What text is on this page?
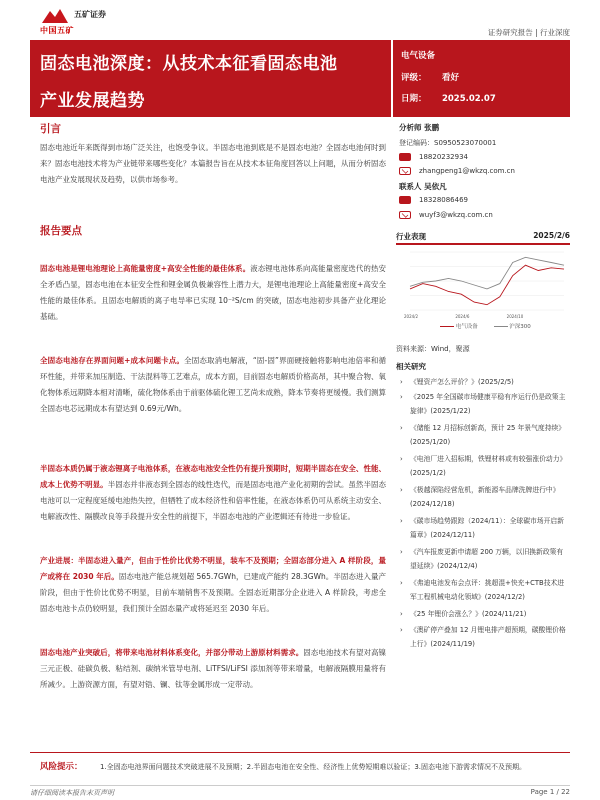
中国五矿
五矿证券
证券研究报告 | 行业深度
固态电池深度：从技术本征看固态电池
产业发展趋势
电气设备
评级： 看好
日期： 2025.02.07
引言
固态电池近年来既得到市场广泛关注，也饱受争议。半固态电池到底是不是固态电池？全固态电池何时到来？固态电池技术将为产业链带来哪些变化？本篇报告旨在从技术本征角度回答以上问题，从而分析固态电池产业发展现状及趋势，以供市场参考。
报告要点
固态电池是锂电池理论上高能量密度+高安全性能的最佳体系。液态锂电池体系向高能量密度迭代的热安全矛盾凸显，固态电池在本征安全性和锂金属负极兼容性上潜力大，是锂电池理论上高能量密度+高安全性能的最佳体系。且固态电解质的离子电导率已实现 10⁻²S/cm 的突破，固态电池初步具备产业化理论基础。
全固态电池存在界面问题+成本问题卡点。全固态取消电解液，“固-固”界面硬接触将影响电池倍率和循环性能，并带来加压制造、干法混料等工艺难点，成本方面，目前固态电解质价格高昂，其中聚合物、氧化物体系远期降本相对清晰，硫化物体系由于前驱体硫化锂工艺尚未成熟，降本节奏将更缓慢。我们测算全固态电芯远期成本有望达到 0.69元/Wh。
半固态本质仍属于液态锂离子电池体系，在液态电池安全性仍有提升预期时，短期半固态在安全、性能、成本上优势不明显。半固态并非液态到全固态的线性迭代，而是固态电池产业化初期的尝试。虽然半固态电池可以一定程度延缓电池热失控，但牺牲了成本经济性和倍率性能，在液态体系仍可从系统主动安全、电解液改性、隔膜改良等手段提升安全性的前提下，半固态电池的产业逻辑还有待进一步验证。
产业进展：半固态进入量产，但由于性价比优势不明显，装车不及预期；全固态部分进入 A 样阶段，量产或将在 2030 年后。固态电池产能总规划超 565.7GWh，已建成产能约 28.3GWh。半固态进入量产阶段，但由于性价比优势不明显，目前车端销售不及预期。全固态近期部分企业进入 A 样阶段，考虑全固态电池卡点仍较明显，我们预计全固态量产或将延迟至 2030 年后。
固态电池产业突破后，将带来电池材料体系变化，并部分带动上游原材料需求。固态电池技术有望对高镍三元正极、硅碳负极、粘结剂、碳纳米管导电剂、LiTFSI/LiFSI 添加剂等带来增量，电解液隔膜用量将有所减少。上游资源方面，有望对锆、镧、钛等金属形成一定带动。
分析师 张鹏
登记编码：S0950523070001
18820232934
zhangpeng1@wkzq.com.cn
联系人 吴依凡
18328086469
wuyf3@wkzq.com.cn
行业表现	2025/2/6
2024/2	2024/6	2024/10
电气设备	沪深300
资料来源：Wind，聚源
相关研究
›	《锂资产怎么评价？》(2025/2/5)
›	《2025 年全国碳市场健康平稳有序运行仍是政策主旋律》(2025/1/22)
›	《储能 12 月招标创新高，预计 25 年景气度持续》(2025/1/20)
›	《电池厂进入招标期，铁锂材料或有较强涨价动力》(2025/1/2)
›	《极越深陷经营危机，新能源车品牌洗牌进行中》(2024/12/18)
›	《碳市场趋势跟踪（2024/11）：全球碳市场开启新篇章》(2024/12/11)
›	《汽车报废更新申请超 200 万辆，以旧换新政策有望延续》(2024/12/4)
›	《弗迪电池发布会点评：挑超混+快充+CTB技术进军工程机械电动化领域》(2024/12/2)
›	《25 年锂价会涨么？》(2024/11/21)
›	《澳矿停产叠加 12 月锂电排产超预期，碳酸锂价格上行》(2024/11/19)
风险提示： 1.全固态电池界面问题技术突破进展不及预期；2.半固态电池在安全性、经济性上优势短期难以验证；3.固态电池下游需求情况不及预期。
请仔细阅读本报告末页声明	Page 1 / 22
